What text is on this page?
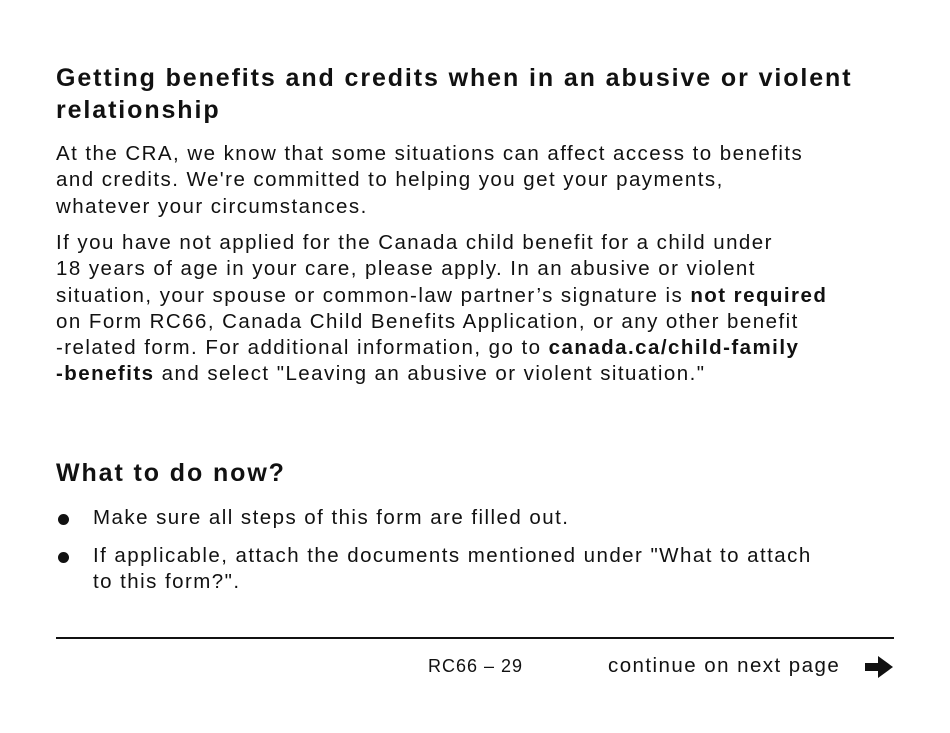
Getting benefits and credits when in an abusive or violent relationship

At the CRA, we know that some situations can affect access to benefits
and credits. We're committed to helping you get your payments,
whatever your circumstances.

If you have not applied for the Canada child benefit for a child under
18 years of age in your care, please apply. In an abusive or violent
situation, your spouse or common-law partner’s signature is not required
on Form RC66, Canada Child Benefits Application, or any other benefit
-related form. For additional information, go to canada.ca/child-family
-benefits and select "Leaving an abusive or violent situation."

What to do now?

Make sure all steps of this form are filled out.

If applicable, attach the documents mentioned under "What to attach
to this form?".

RC66 – 29	continue on next page
